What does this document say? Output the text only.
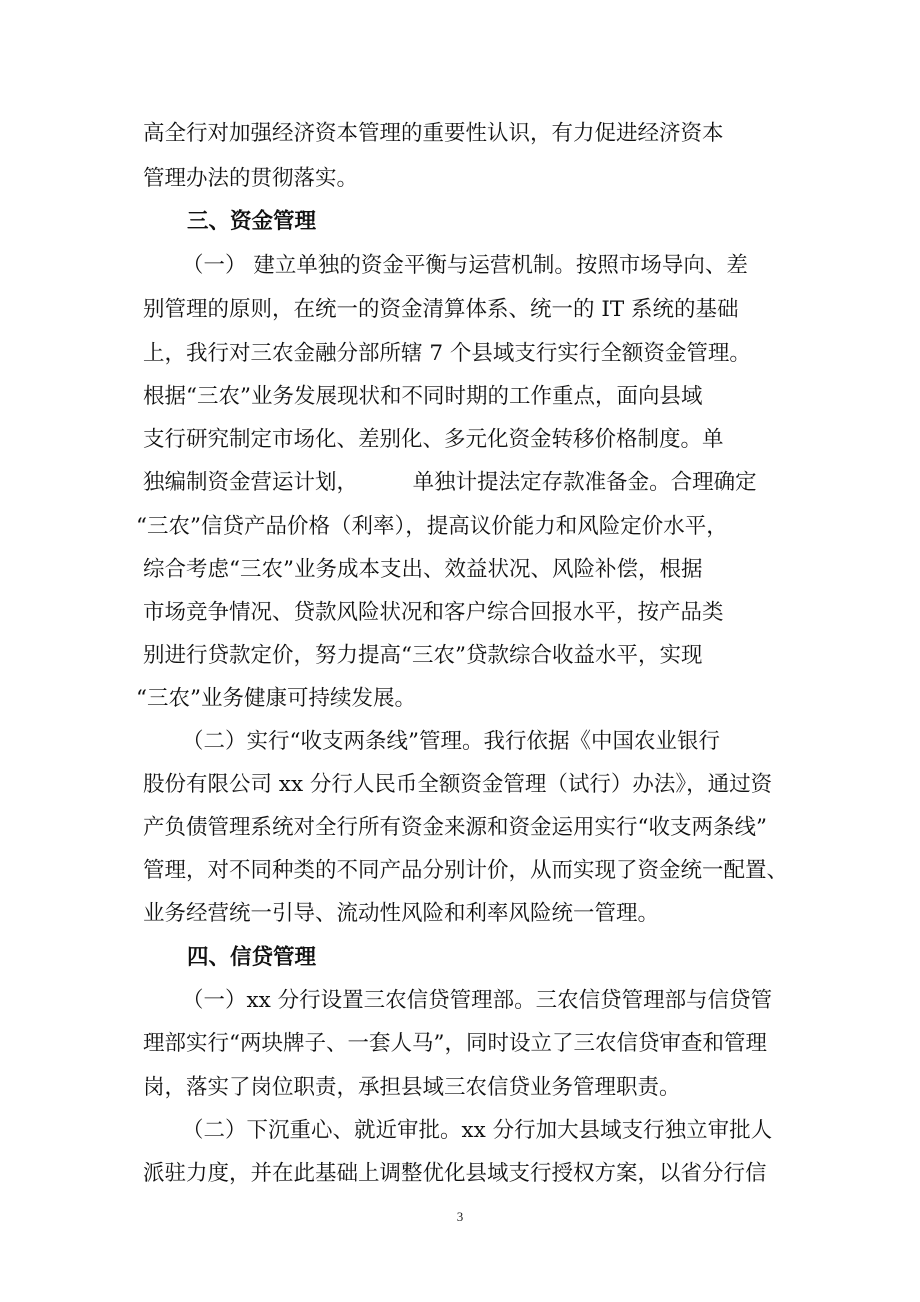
高全行对加强经济资本管理的重要性认识，有力促进经济资本
管理办法的贯彻落实。
三、资金管理
（一） 建立单独的资金平衡与运营机制。按照市场导向、差
别管理的原则，在统一的资金清算体系、统一的 IT 系统的基础
上，我行对三农金融分部所辖 7 个县域支行实行全额资金管理。
根据“三农”业务发展现状和不同时期的工作重点，面向县域
支行研究制定市场化、差别化、多元化资金转移价格制度。单
独编制资金营运计划，        单独计提法定存款准备金。合理确定
“三农”信贷产品价格（利率），提高议价能力和风险定价水平，
综合考虑“三农”业务成本支出、效益状况、风险补偿，根据
市场竞争情况、贷款风险状况和客户综合回报水平，按产品类
别进行贷款定价，努力提高“三农”贷款综合收益水平，实现
“三农”业务健康可持续发展。
（二）实行“收支两条线”管理。我行依据《中国农业银行
股份有限公司 xx 分行人民币全额资金管理（试行）办法》，通过资
产负债管理系统对全行所有资金来源和资金运用实行“收支两条线”
管理，对不同种类的不同产品分别计价，从而实现了资金统一配置、
业务经营统一引导、流动性风险和利率风险统一管理。
四、信贷管理
（一）xx 分行设置三农信贷管理部。三农信贷管理部与信贷管
理部实行“两块牌子、一套人马”，同时设立了三农信贷审查和管理
岗，落实了岗位职责，承担县域三农信贷业务管理职责。
（二）下沉重心、就近审批。xx 分行加大县域支行独立审批人
派驻力度，并在此基础上调整优化县域支行授权方案，以省分行信
3
